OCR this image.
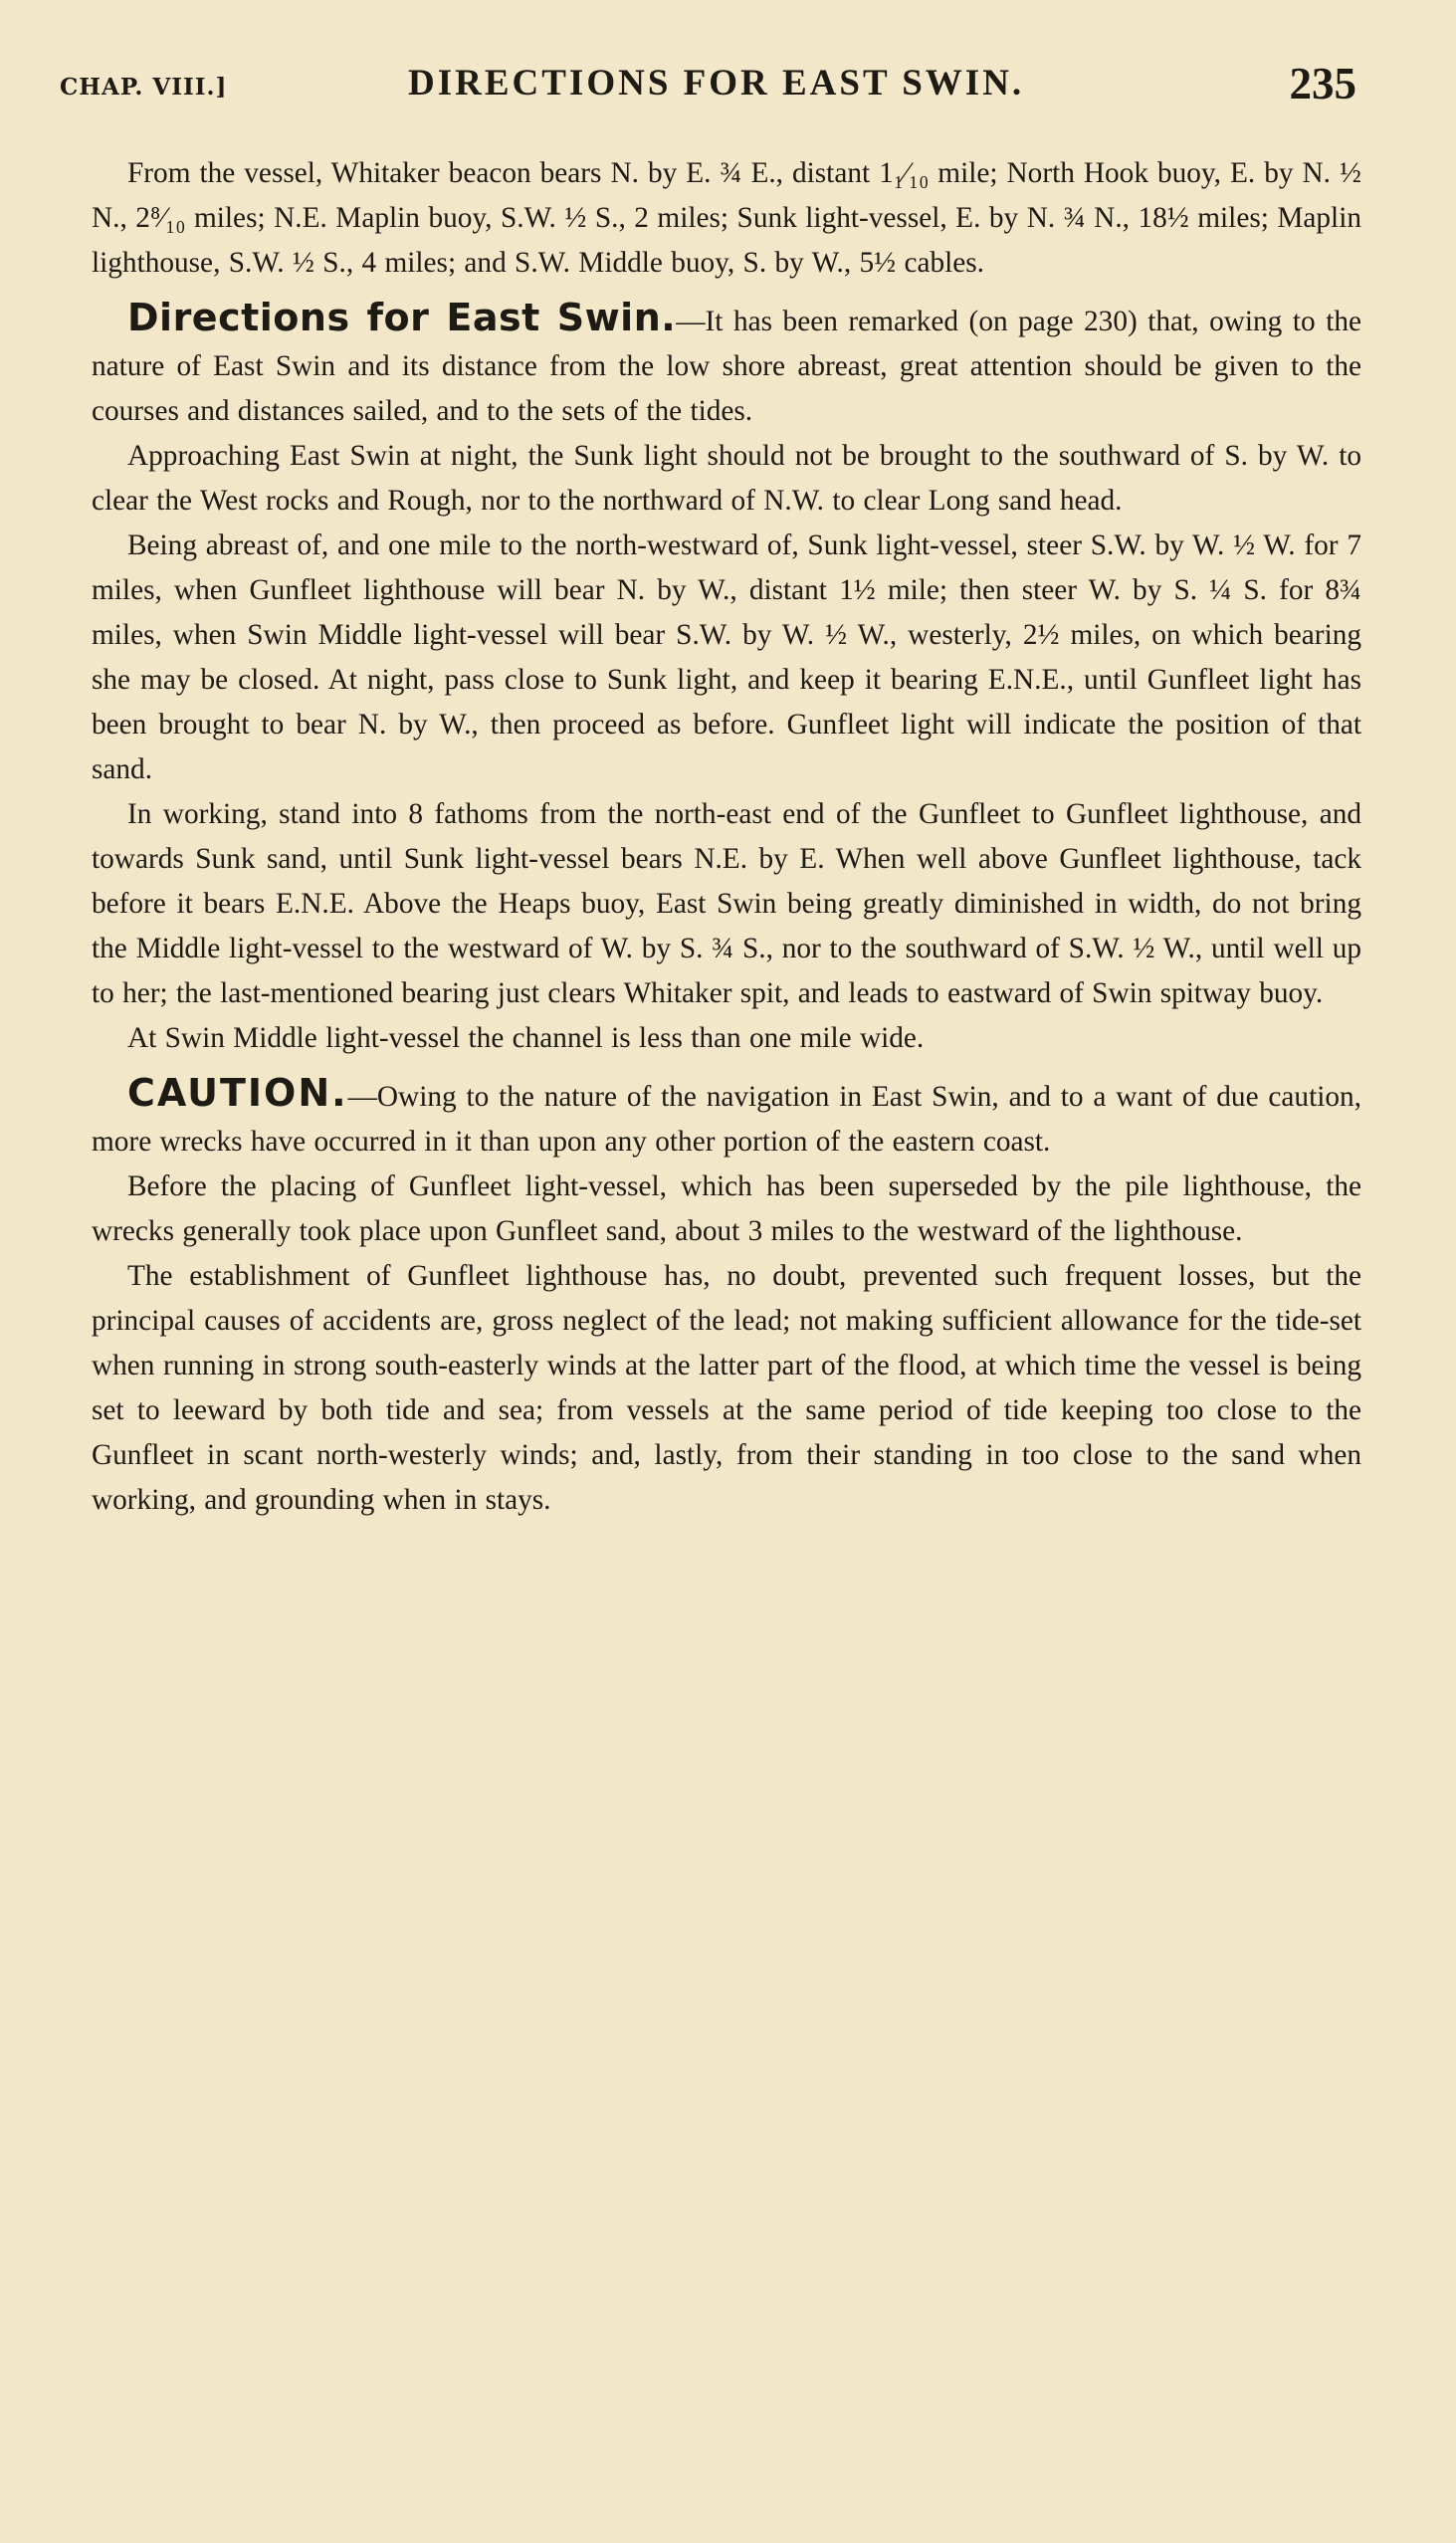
CHAP. VIII.]	DIRECTIONS FOR EAST SWIN.	235

From the vessel, Whitaker beacon bears N. by E. ¾ E., distant 1₁⁄₁₀ mile; North Hook buoy, E. by N. ½ N., 2⁸⁄₁₀ miles; N.E. Maplin buoy, S.W. ½ S., 2 miles; Sunk light-vessel, E. by N. ¾ N., 18½ miles; Maplin lighthouse, S.W. ½ S., 4 miles; and S.W. Middle buoy, S. by W., 5½ cables.

Directions for East Swin.—It has been remarked (on page 230) that, owing to the nature of East Swin and its distance from the low shore abreast, great attention should be given to the courses and distances sailed, and to the sets of the tides.

Approaching East Swin at night, the Sunk light should not be brought to the southward of S. by W. to clear the West rocks and Rough, nor to the northward of N.W. to clear Long sand head.

Being abreast of, and one mile to the north-westward of, Sunk light-vessel, steer S.W. by W. ½ W. for 7 miles, when Gunfleet lighthouse will bear N. by W., distant 1½ mile; then steer W. by S. ¼ S. for 8¾ miles, when Swin Middle light-vessel will bear S.W. by W. ½ W., westerly, 2½ miles, on which bearing she may be closed. At night, pass close to Sunk light, and keep it bearing E.N.E., until Gunfleet light has been brought to bear N. by W., then proceed as before. Gunfleet light will indicate the position of that sand.

In working, stand into 8 fathoms from the north-east end of the Gunfleet to Gunfleet lighthouse, and towards Sunk sand, until Sunk light-vessel bears N.E. by E. When well above Gunfleet lighthouse, tack before it bears E.N.E. Above the Heaps buoy, East Swin being greatly diminished in width, do not bring the Middle light-vessel to the westward of W. by S. ¾ S., nor to the southward of S.W. ½ W., until well up to her; the last-mentioned bearing just clears Whitaker spit, and leads to eastward of Swin spitway buoy.

At Swin Middle light-vessel the channel is less than one mile wide.

CAUTION.—Owing to the nature of the navigation in East Swin, and to a want of due caution, more wrecks have occurred in it than upon any other portion of the eastern coast.

Before the placing of Gunfleet light-vessel, which has been superseded by the pile lighthouse, the wrecks generally took place upon Gunfleet sand, about 3 miles to the westward of the lighthouse.

The establishment of Gunfleet lighthouse has, no doubt, prevented such frequent losses, but the principal causes of accidents are, gross neglect of the lead; not making sufficient allowance for the tide-set when running in strong south-easterly winds at the latter part of the flood, at which time the vessel is being set to leeward by both tide and sea; from vessels at the same period of tide keeping too close to the Gunfleet in scant north-westerly winds; and, lastly, from their standing in too close to the sand when working, and grounding when in stays.
